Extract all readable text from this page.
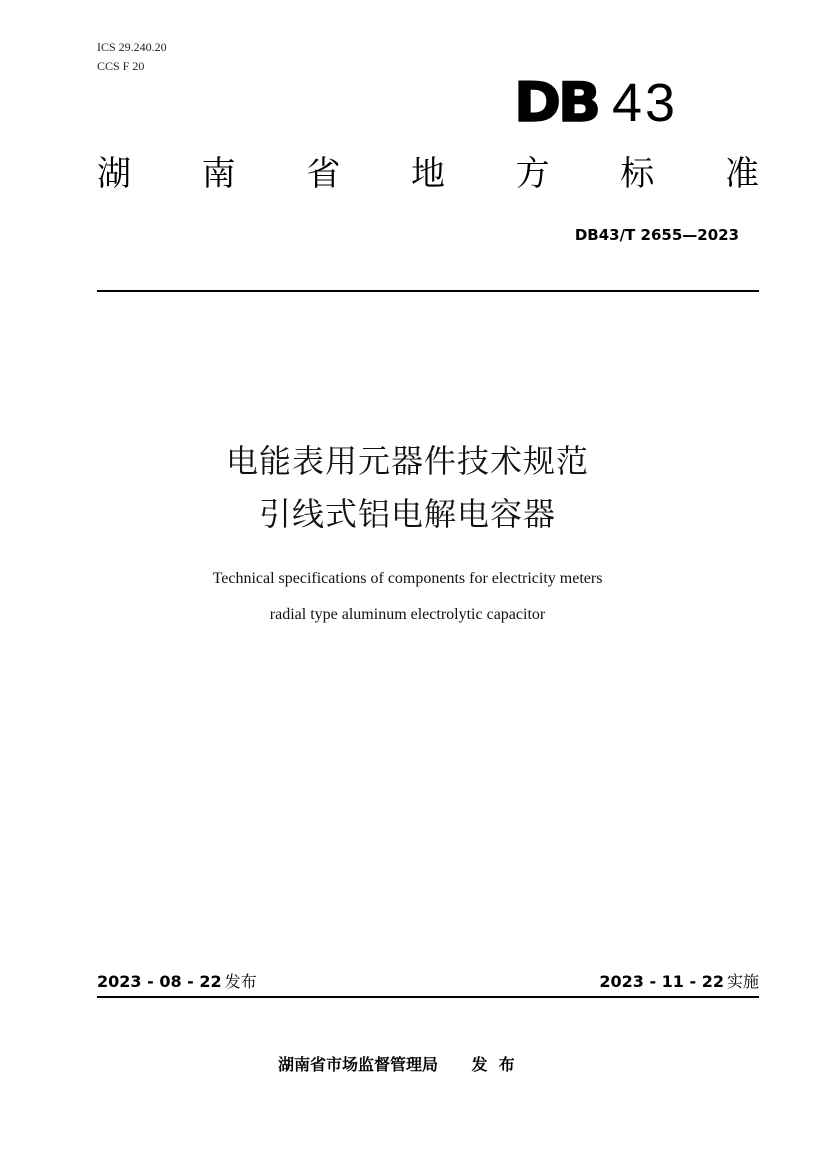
ICS 29.240.20
CCS F 20
DB 43
湖 南 省 地 方 标 准
DB43/T 2655—2023
电能表用元器件技术规范
引线式铝电解电容器
Technical specifications of components for electricity meters
radial type aluminum electrolytic capacitor
2023 - 08 - 22 发布	2023 - 11 - 22 实施
湖南省市场监督管理局 发  布
